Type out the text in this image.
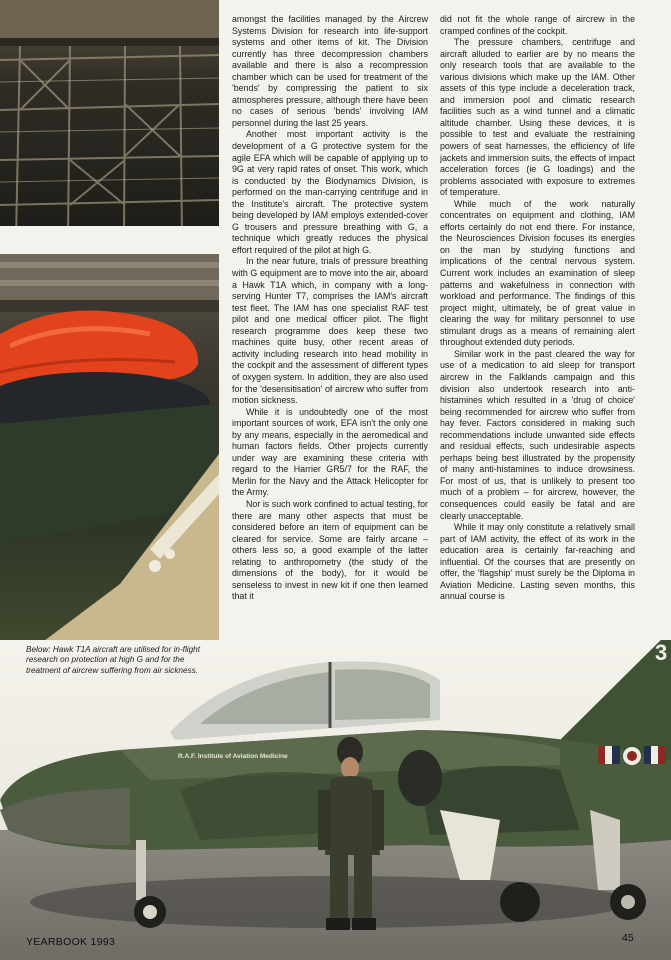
3
R.A.F. Institute of Aviation Medicine

Below: Hawk T1A aircraft are utilised for in-flight research on protection at high G and for the treatment of aircrew suffering from air sickness.

amongst the facilities managed by the Aircrew Systems Division for research into life-support systems and other items of kit. The Division currently has three decompression chambers available and there is also a recompression chamber which can be used for treatment of the 'bends' by compressing the patient to six atmospheres pressure, although there have been no cases of serious 'bends' involving IAM personnel during the last 25 years.

Another most important activity is the development of a G protective system for the agile EFA which will be capable of applying up to 9G at very rapid rates of onset. This work, which is conducted by the Biodynamics Division, is performed on the man-carrying centrifuge and in the Institute's aircraft. The protective system being developed by IAM employs extended-cover G trousers and pressure breathing with G, a technique which greatly reduces the physical effort required of the pilot at high G.

In the near future, trials of pressure breathing with G equipment are to move into the air, aboard a Hawk T1A which, in company with a long-serving Hunter T7, comprises the IAM's aircraft test fleet. The IAM has one specialist RAF test pilot and one medical officer pilot. The flight research programme does keep these two machines quite busy, other recent areas of activity including research into head mobility in the cockpit and the assessment of different types of oxygen system. In addition, they are also used for the 'desensitisation' of aircrew who suffer from motion sickness.

While it is undoubtedly one of the most important sources of work, EFA isn't the only one by any means, especially in the aeromedical and human factors fields. Other projects currently under way are examining these criteria with regard to the Harrier GR5/7 for the RAF, the Merlin for the Navy and the Attack Helicopter for the Army.

Nor is such work confined to actual testing, for there are many other aspects that must be considered before an item of equipment can be cleared for service. Some are fairly arcane – others less so, a good example of the latter relating to anthropometry (the study of the dimensions of the body), for it would be senseless to invest in new kit if one then learned that it

did not fit the whole range of aircrew in the cramped confines of the cockpit.

The pressure chambers, centrifuge and aircraft alluded to earlier are by no means the only research tools that are available to the various divisions which make up the IAM. Other assets of this type include a deceleration track, and immersion pool and climatic research facilities such as a wind tunnel and a climatic altitude chamber. Using these devices, it is possible to test and evaluate the restraining powers of seat harnesses, the efficiency of life jackets and immersion suits, the effects of impact acceleration forces (ie G loadings) and the problems associated with exposure to extremes of temperature.

While much of the work naturally concentrates on equipment and clothing, IAM efforts certainly do not end there. For instance, the Neurosciences Division focuses its energies on the man by studying functions and implications of the central nervous system. Current work includes an examination of sleep patterns and wakefulness in connection with workload and performance. The findings of this project might, ultimately, be of great value in clearing the way for military personnel to use stimulant drugs as a means of remaining alert throughout extended duty periods.

Similar work in the past cleared the way for use of a medication to aid sleep for transport aircrew in the Falklands campaign and this division also undertook research into anti-histamines which resulted in a 'drug of choice' being recommended for aircrew who suffer from hay fever. Factors considered in making such recommendations include unwanted side effects and residual effects, such undesirable aspects perhaps being best illustrated by the propensity of many anti-histamines to induce drowsiness. For most of us, that is unlikely to present too much of a problem – for aircrew, however, the consequences could easily be fatal and are clearly unacceptable.

While it may only constitute a relatively small part of IAM activity, the effect of its work in the education area is certainly far-reaching and influential. Of the courses that are presently on offer, the 'flagship' must surely be the Diploma in Aviation Medicine. Lasting seven months, this annual course is

YEARBOOK 1993	45
